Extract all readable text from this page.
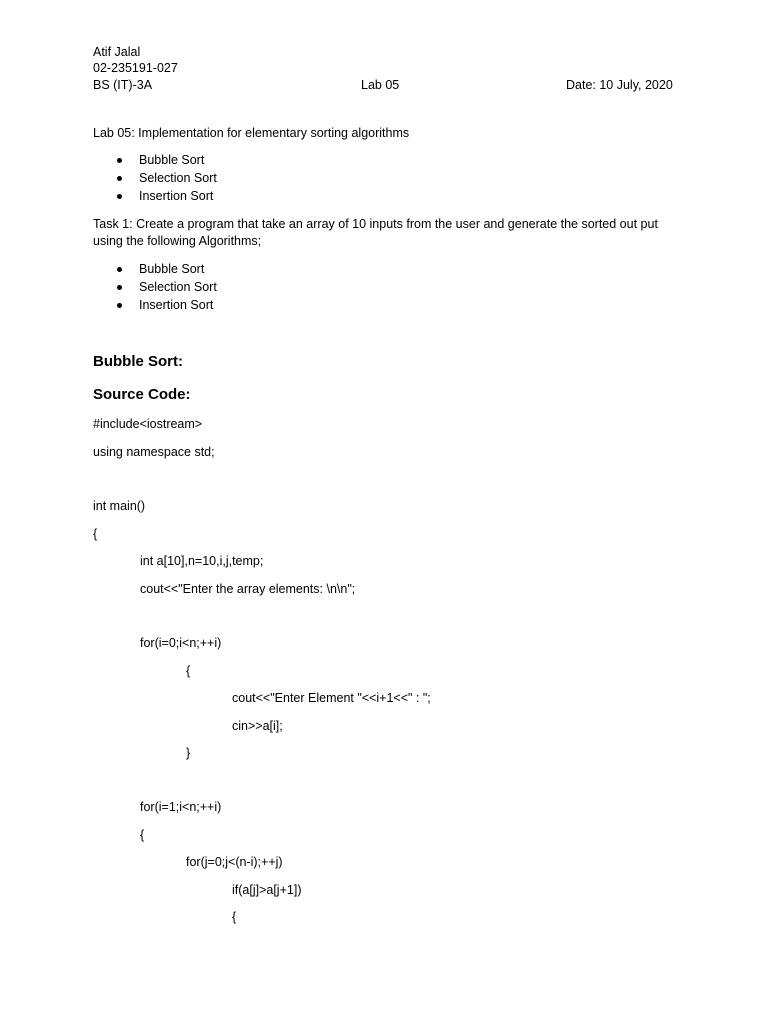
Atif Jalal
02-235191-027
BS (IT)-3A	Lab 05	Date: 10 July, 2020
Lab 05: Implementation for elementary sorting algorithms
Bubble Sort
Selection Sort
Insertion Sort
Task 1: Create a program that take an array of 10 inputs from the user and generate the sorted out put using the following Algorithms;
Bubble Sort
Selection Sort
Insertion Sort
Bubble Sort:
Source Code:
#include<iostream>
using namespace std;
int main()
{
int a[10],n=10,i,j,temp;
cout<<"Enter the array elements: \n\n";
for(i=0;i<n;++i)
{
cout<<"Enter Element "<<i+1<<" : ";
cin>>a[i];
}
for(i=1;i<n;++i)
{
for(j=0;j<(n-i);++j)
if(a[j]>a[j+1])
{
